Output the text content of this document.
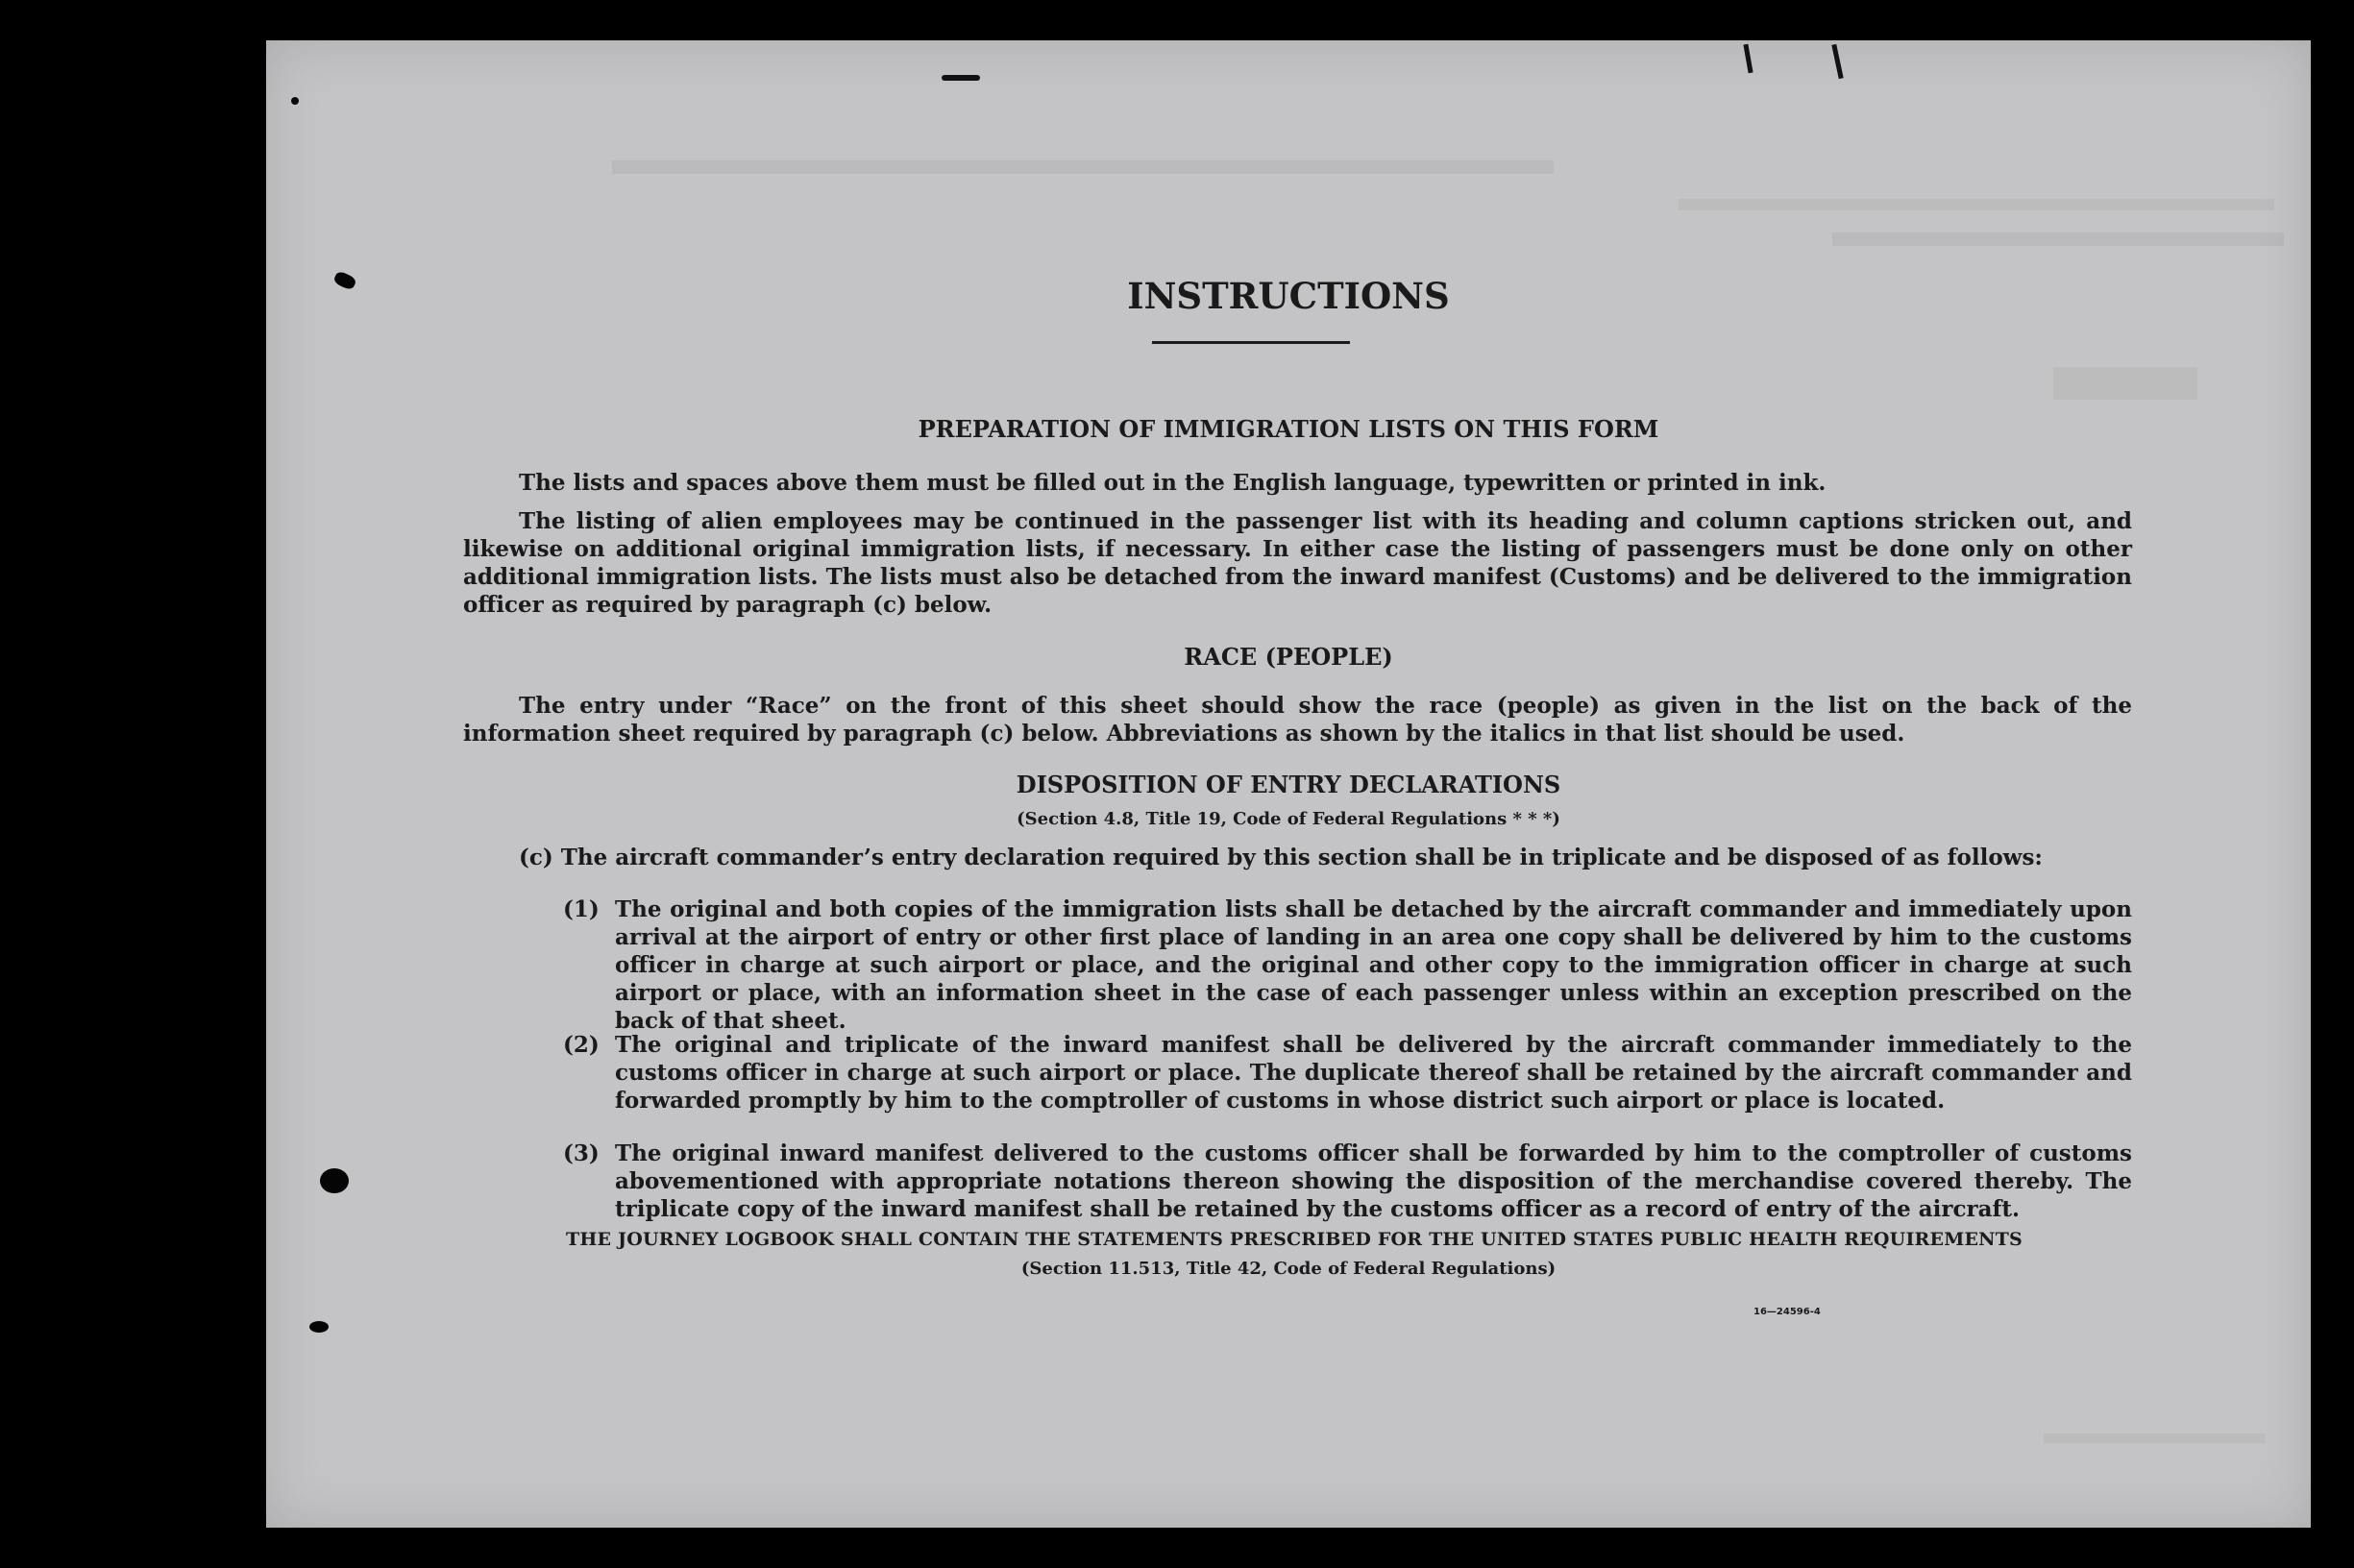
INSTRUCTIONS
PREPARATION OF IMMIGRATION LISTS ON THIS FORM
The lists and spaces above them must be filled out in the English language, typewritten or printed in ink.
The listing of alien employees may be continued in the passenger list with its heading and column captions stricken out, and likewise on additional original immigration lists, if necessary. In either case the listing of passengers must be done only on other additional immigration lists. The lists must also be detached from the inward manifest (Customs) and be delivered to the immigration officer as required by paragraph (c) below.
RACE (PEOPLE)
The entry under “Race” on the front of this sheet should show the race (people) as given in the list on the back of the information sheet required by paragraph (c) below. Abbreviations as shown by the italics in that list should be used.
DISPOSITION OF ENTRY DECLARATIONS
(Section 4.8, Title 19, Code of Federal Regulations * * *)
(c) The aircraft commander’s entry declaration required by this section shall be in triplicate and be disposed of as follows:
(1) The original and both copies of the immigration lists shall be detached by the aircraft commander and immediately upon arrival at the airport of entry or other first place of landing in an area one copy shall be delivered by him to the customs officer in charge at such airport or place, and the original and other copy to the immigration officer in charge at such airport or place, with an information sheet in the case of each passenger unless within an exception prescribed on the back of that sheet.
(2) The original and triplicate of the inward manifest shall be delivered by the aircraft commander immediately to the customs officer in charge at such airport or place. The duplicate thereof shall be retained by the aircraft commander and forwarded promptly by him to the comptroller of customs in whose district such airport or place is located.
(3) The original inward manifest delivered to the customs officer shall be forwarded by him to the comptroller of customs abovementioned with appropriate notations thereon showing the disposition of the merchandise covered thereby. The triplicate copy of the inward manifest shall be retained by the customs officer as a record of entry of the aircraft.
THE JOURNEY LOGBOOK SHALL CONTAIN THE STATEMENTS PRESCRIBED FOR THE UNITED STATES PUBLIC HEALTH REQUIREMENTS
(Section 11.513, Title 42, Code of Federal Regulations)
16—24596-4
